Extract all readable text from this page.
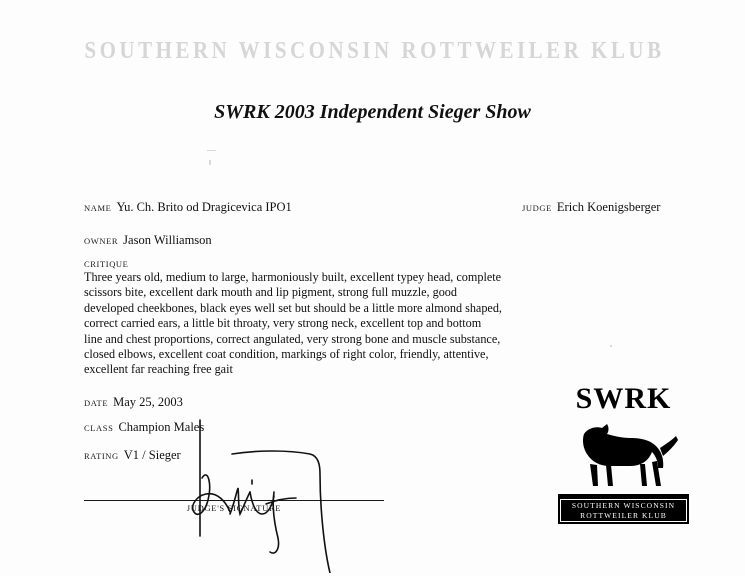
SOUTHERN WISCONSIN ROTTWEILER KLUB
SWRK 2003 Independent Sieger Show
NAME Yu. Ch. Brito od Dragicevica IPO1	JUDGE Erich Koenigsberger
OWNER Jason Williamson
CRITIQUE
Three years old, medium to large, harmoniously built, excellent typey head, complete scissors bite, excellent dark mouth and lip pigment, strong full muzzle, good developed cheekbones, black eyes well set but should be a little more almond shaped, correct carried ears, a little bit throaty, very strong neck, excellent top and bottom line and chest proportions, correct angulated, very strong bone and muscle substance, closed elbows, excellent coat condition, markings of right color, friendly, attentive, excellent far reaching free gait
DATE May 25, 2003
CLASS Champion Males
RATING V1 / Sieger
JUDGE'S SIGNATURE
SWRK
SOUTHERN WISCONSIN
ROTTWEILER KLUB
